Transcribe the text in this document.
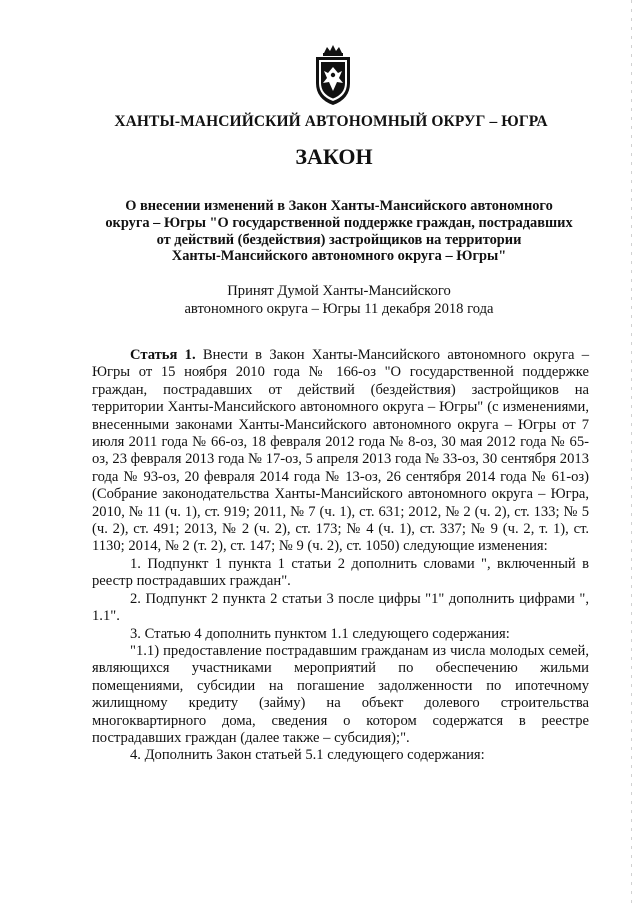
ХАНТЫ-МАНСИЙСКИЙ АВТОНОМНЫЙ ОКРУГ – ЮГРА
ЗАКОН
О внесении изменений в Закон Ханты-Мансийского автономного
округа – Югры "О государственной поддержке граждан, пострадавших
от действий (бездействия) застройщиков на территории
Ханты-Мансийского автономного округа – Югры"
Принят Думой Ханты-Мансийского
автономного округа – Югры 11 декабря 2018 года

Статья 1. Внести в Закон Ханты-Мансийского автономного округа – Югры от 15 ноября 2010 года № 166-оз "О государственной поддержке граждан, пострадавших от действий (бездействия) застройщиков на территории Ханты-Мансийского автономного округа – Югры" (с изменениями, внесенными законами Ханты-Мансийского автономного округа – Югры от 7 июля 2011 года № 66-оз, 18 февраля 2012 года № 8-оз, 30 мая 2012 года № 65-оз, 23 февраля 2013 года № 17-оз, 5 апреля 2013 года № 33-оз, 30 сентября 2013 года № 93-оз, 20 февраля 2014 года № 13-оз, 26 сентября 2014 года № 61-оз) (Собрание законодательства Ханты-Мансийского автономного округа – Югра, 2010, № 11 (ч. 1), ст. 919; 2011, № 7 (ч. 1), ст. 631; 2012, № 2 (ч. 2), ст. 133; № 5 (ч. 2), ст. 491; 2013, № 2 (ч. 2), ст. 173; № 4 (ч. 1), ст. 337; № 9 (ч. 2, т. 1), ст. 1130; 2014, № 2 (т. 2), ст. 147; № 9 (ч. 2), ст. 1050) следующие изменения:

1. Подпункт 1 пункта 1 статьи 2 дополнить словами ", включенный в реестр пострадавших граждан".

2. Подпункт 2 пункта 2 статьи 3 после цифры "1" дополнить цифрами ", 1.1".

3. Статью 4 дополнить пунктом 1.1 следующего содержания:

"1.1) предоставление пострадавшим гражданам из числа молодых семей, являющихся участниками мероприятий по обеспечению жильми помещениями, субсидии на погашение задолженности по ипотечному жилищному кредиту (займу) на объект долевого строительства многоквартирного дома, сведения о котором содержатся в реестре пострадавших граждан (далее также – субсидия);".

4. Дополнить Закон статьей 5.1 следующего содержания:
